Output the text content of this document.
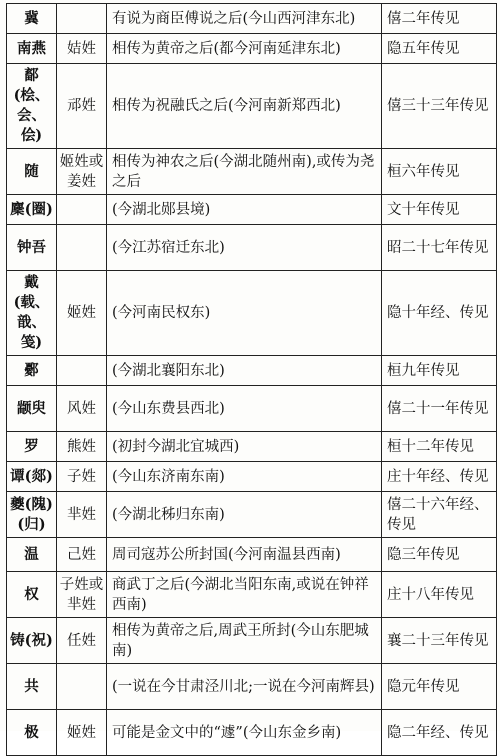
冀		有说为商臣傅说之后(今山西河津东北)	僖二年传见
南燕	姞姓	相传为黄帝之后(都今河南延津东北)	隐五年传见
鄐(桧、会、侩)	邧姓	相传为祝融氏之后(今河南新郑西北)	僖三十三年传见
随	姬姓或姜姓	相传为神农之后(今湖北随州南),或传为尧之后	桓六年传见
麇(圈)		(今湖北郧县境)	文十年传见
钟吾		(今江苏宿迁东北)	昭二十七年传见
戴(载、戠、笺)	姬姓	(今河南民权东)	隐十年经、传见
鄾		(今湖北襄阳东北)	桓九年传见
颛臾	风姓	(今山东费县西北)	僖二十一年传见
罗	熊姓	(初封今湖北宜城西)	桓十二年传见
谭(郯)	子姓	(今山东济南东南)	庄十年经、传见
夔(隗)(归)	芈姓	(今湖北秭归东南)	僖二十六年经、传见
温	己姓	周司寇苏公所封国(今河南温县西南)	隐三年传见
权	子姓或芈姓	商武丁之后(今湖北当阳东南,或说在钟祥西南)	庄十八年传见
铸(祝)	任姓	相传为黄帝之后,周武王所封(今山东肥城南)	襄二十三年传见
共		(一说在今甘肃泾川北;一说在今河南辉县)	隐元年传见
极	姬姓	可能是金文中的“遽”(今山东金乡南)	隐二年经、传见
